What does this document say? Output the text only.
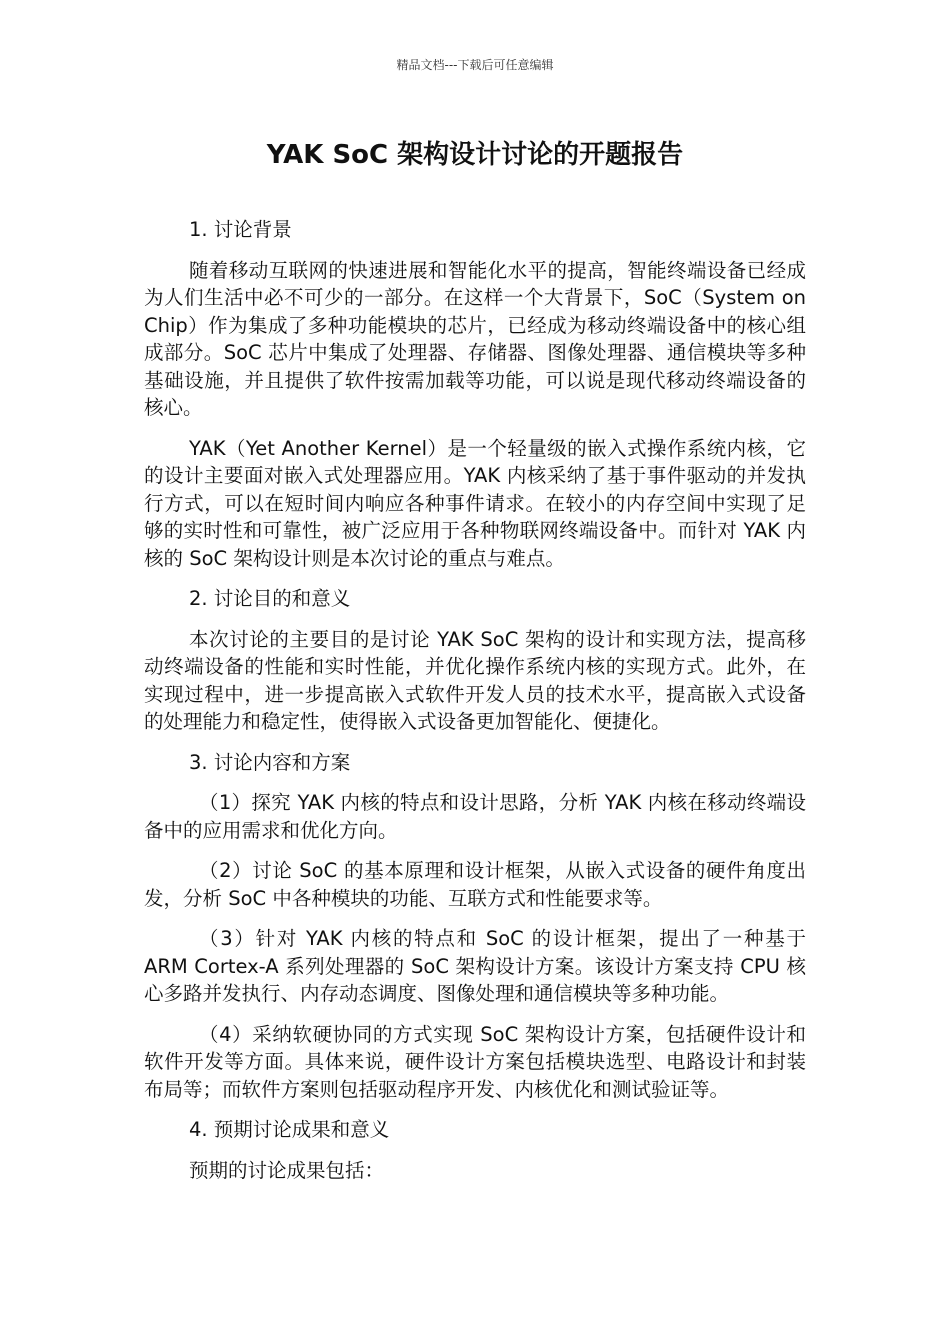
精品文档---下载后可任意编辑
YAK SoC 架构设计讨论的开题报告

1. 讨论背景

随着移动互联网的快速进展和智能化水平的提高，智能终端设备已经成为人们生活中必不可少的一部分。在这样一个大背景下，SoC（System on Chip）作为集成了多种功能模块的芯片，已经成为移动终端设备中的核心组成部分。SoC 芯片中集成了处理器、存储器、图像处理器、通信模块等多种基础设施，并且提供了软件按需加载等功能，可以说是现代移动终端设备的核心。

YAK（Yet Another Kernel）是一个轻量级的嵌入式操作系统内核，它的设计主要面对嵌入式处理器应用。YAK 内核采纳了基于事件驱动的并发执行方式，可以在短时间内响应各种事件请求。在较小的内存空间中实现了足够的实时性和可靠性，被广泛应用于各种物联网终端设备中。而针对 YAK 内核的 SoC 架构设计则是本次讨论的重点与难点。

2. 讨论目的和意义

本次讨论的主要目的是讨论 YAK SoC 架构的设计和实现方法，提高移动终端设备的性能和实时性能，并优化操作系统内核的实现方式。此外，在实现过程中，进一步提高嵌入式软件开发人员的技术水平，提高嵌入式设备的处理能力和稳定性，使得嵌入式设备更加智能化、便捷化。

3. 讨论内容和方案

（1）探究 YAK 内核的特点和设计思路，分析 YAK 内核在移动终端设备中的应用需求和优化方向。

（2）讨论 SoC 的基本原理和设计框架，从嵌入式设备的硬件角度出发，分析 SoC 中各种模块的功能、互联方式和性能要求等。

（3）针对 YAK 内核的特点和 SoC 的设计框架，提出了一种基于 ARM Cortex-A 系列处理器的 SoC 架构设计方案。该设计方案支持 CPU 核心多路并发执行、内存动态调度、图像处理和通信模块等多种功能。

（4）采纳软硬协同的方式实现 SoC 架构设计方案，包括硬件设计和软件开发等方面。具体来说，硬件设计方案包括模块选型、电路设计和封装布局等；而软件方案则包括驱动程序开发、内核优化和测试验证等。

4. 预期讨论成果和意义

预期的讨论成果包括：
